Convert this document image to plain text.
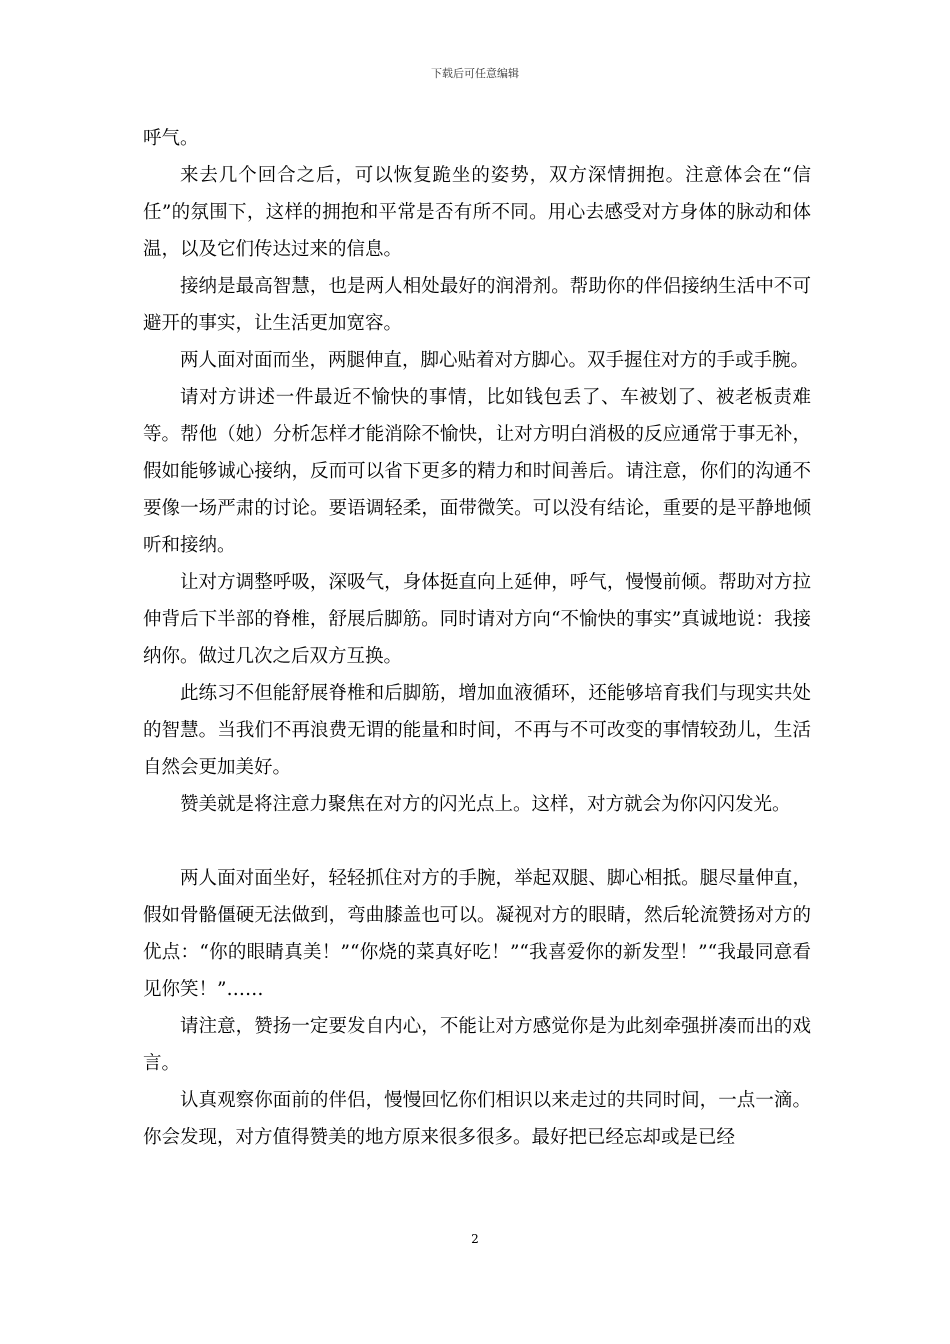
下载后可任意编辑

呼气。

来去几个回合之后，可以恢复跪坐的姿势，双方深情拥抱。注意体会在“信任”的氛围下，这样的拥抱和平常是否有所不同。用心去感受对方身体的脉动和体温，以及它们传达过来的信息。

接纳是最高智慧，也是两人相处最好的润滑剂。帮助你的伴侣接纳生活中不可避开的事实，让生活更加宽容。

两人面对面而坐，两腿伸直，脚心贴着对方脚心。双手握住对方的手或手腕。

请对方讲述一件最近不愉快的事情，比如钱包丢了、车被划了、被老板责难等。帮他（她）分析怎样才能消除不愉快，让对方明白消极的反应通常于事无补，假如能够诚心接纳，反而可以省下更多的精力和时间善后。请注意，你们的沟通不要像一场严肃的讨论。要语调轻柔，面带微笑。可以没有结论，重要的是平静地倾听和接纳。

让对方调整呼吸，深吸气，身体挺直向上延伸，呼气，慢慢前倾。帮助对方拉伸背后下半部的脊椎，舒展后脚筋。同时请对方向“不愉快的事实”真诚地说：我接纳你。做过几次之后双方互换。

此练习不但能舒展脊椎和后脚筋，增加血液循环，还能够培育我们与现实共处的智慧。当我们不再浪费无谓的能量和时间，不再与不可改变的事情较劲儿，生活自然会更加美好。

赞美就是将注意力聚焦在对方的闪光点上。这样，对方就会为你闪闪发光。

两人面对面坐好，轻轻抓住对方的手腕，举起双腿、脚心相抵。腿尽量伸直，假如骨骼僵硬无法做到，弯曲膝盖也可以。凝视对方的眼睛，然后轮流赞扬对方的优点：“你的眼睛真美！”“你烧的菜真好吃！”“我喜爱你的新发型！”“我最同意看见你笑！”……

请注意，赞扬一定要发自内心，不能让对方感觉你是为此刻牵强拼凑而出的戏言。

认真观察你面前的伴侣，慢慢回忆你们相识以来走过的共同时间，一点一滴。你会发现，对方值得赞美的地方原来很多很多。最好把已经忘却或是已经

2
